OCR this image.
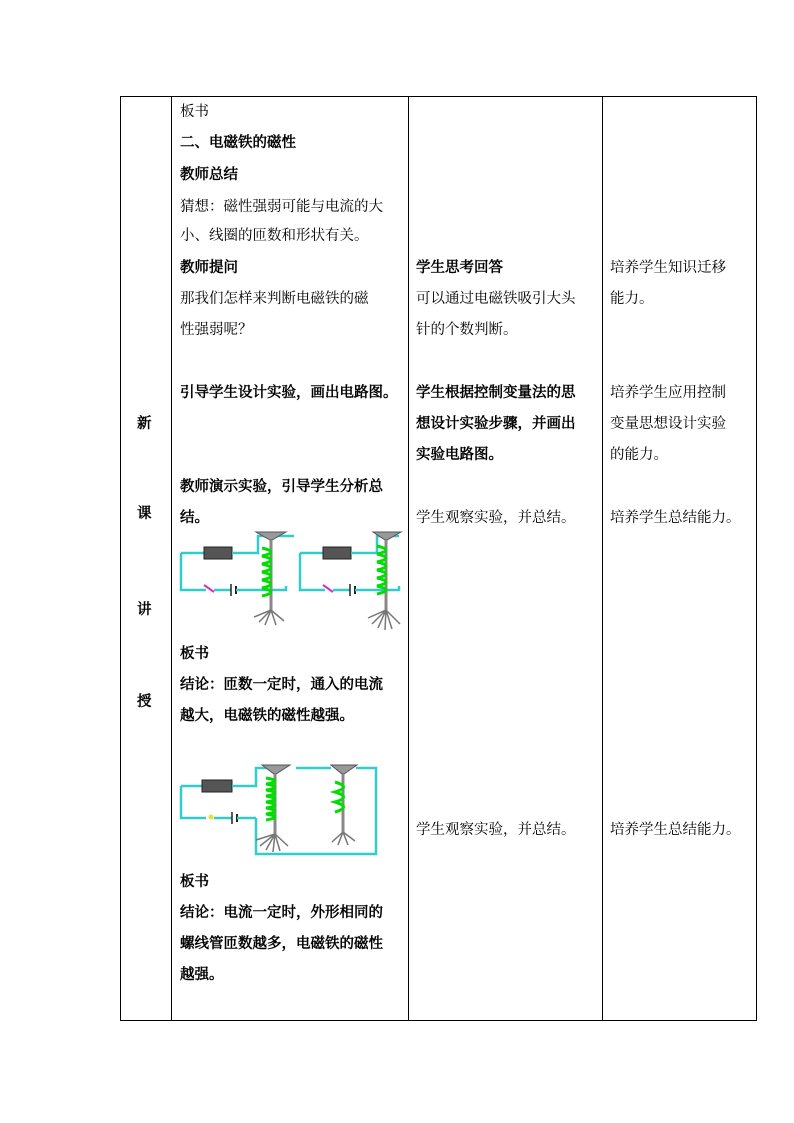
新
课
讲
授
板书
二、电磁铁的磁性
教师总结
猜想：磁性强弱可能与电流的大
小、线圈的匝数和形状有关。
教师提问
那我们怎样来判断电磁铁的磁
性强弱呢？
引导学生设计实验，画出电路图。
教师演示实验，引导学生分析总
结。
板书
结论：匝数一定时，通入的电流
越大，电磁铁的磁性越强。
板书
结论：电流一定时，外形相同的
螺线管匝数越多，电磁铁的磁性
越强。
学生思考回答
可以通过电磁铁吸引大头
针的个数判断。
学生根据控制变量法的思
想设计实验步骤，并画出
实验电路图。
学生观察实验，并总结。
学生观察实验，并总结。
培养学生知识迁移
能力。
培养学生应用控制
变量思想设计实验
的能力。
培养学生总结能力。
培养学生总结能力。
